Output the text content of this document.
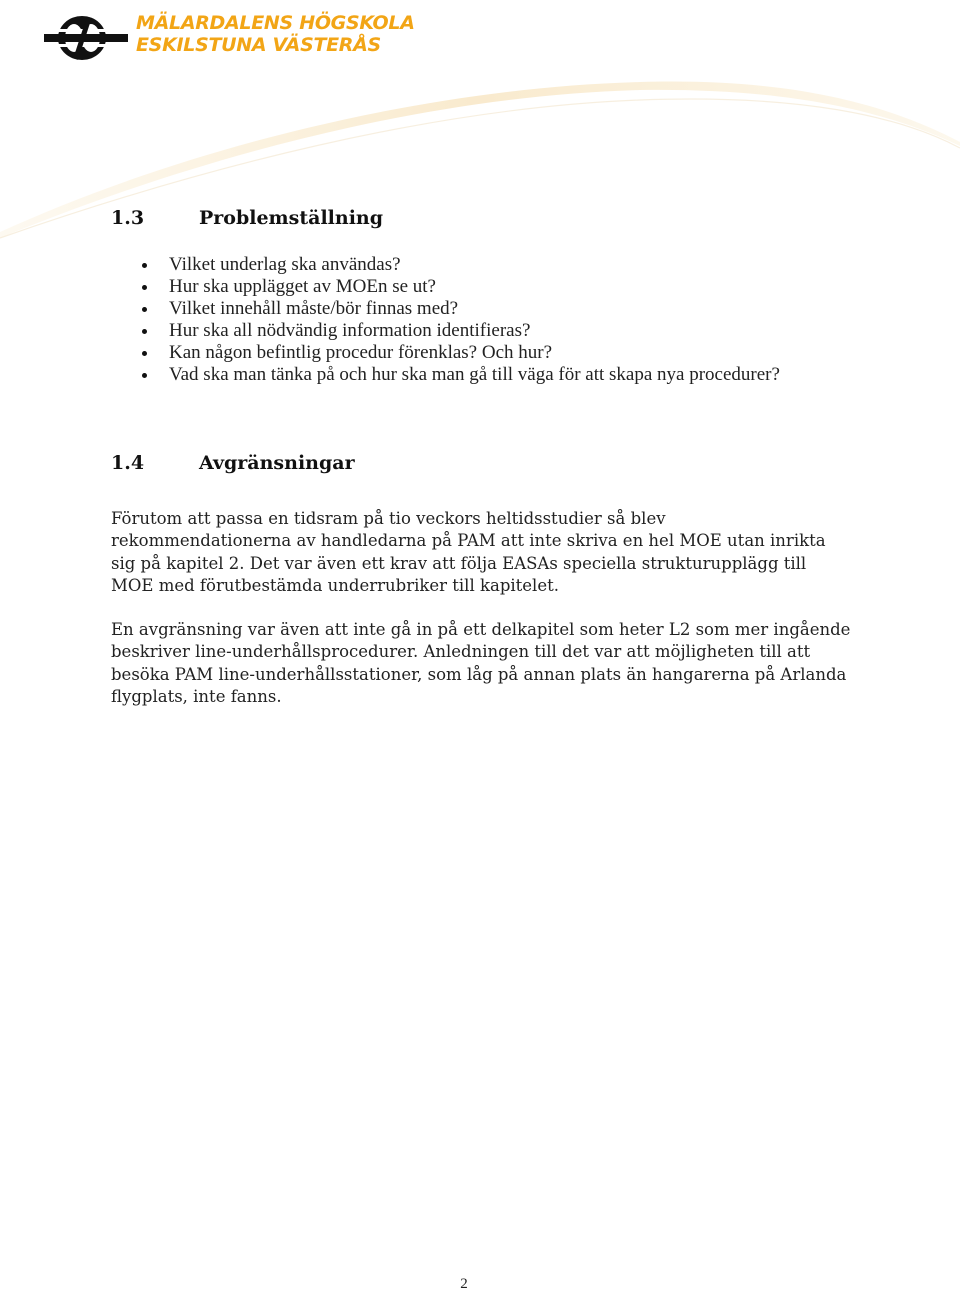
MÄLARDALENS HÖGSKOLA
ESKILSTUNA VÄSTERÅS
1.3	Problemställning
Vilket underlag ska användas?
Hur ska upplägget av MOEn se ut?
Vilket innehåll måste/bör finnas med?
Hur ska all nödvändig information identifieras?
Kan någon befintlig procedur förenklas? Och hur?
Vad ska man tänka på och hur ska man gå till väga för att skapa nya procedurer?
1.4	Avgränsningar

Förutom att passa en tidsram på tio veckors heltidsstudier så blev rekommendationerna av handledarna på PAM att inte skriva en hel MOE utan inrikta sig på kapitel 2. Det var även ett krav att följa EASAs speciella strukturupplägg till MOE med förutbestämda underrubriker till kapitelet.

En avgränsning var även att inte gå in på ett delkapitel som heter L2 som mer ingående beskriver line-underhållsprocedurer. Anledningen till det var att möjligheten till att besöka PAM line-underhållsstationer, som låg på annan plats än hangarerna på Arlanda flygplats, inte fanns.

2
